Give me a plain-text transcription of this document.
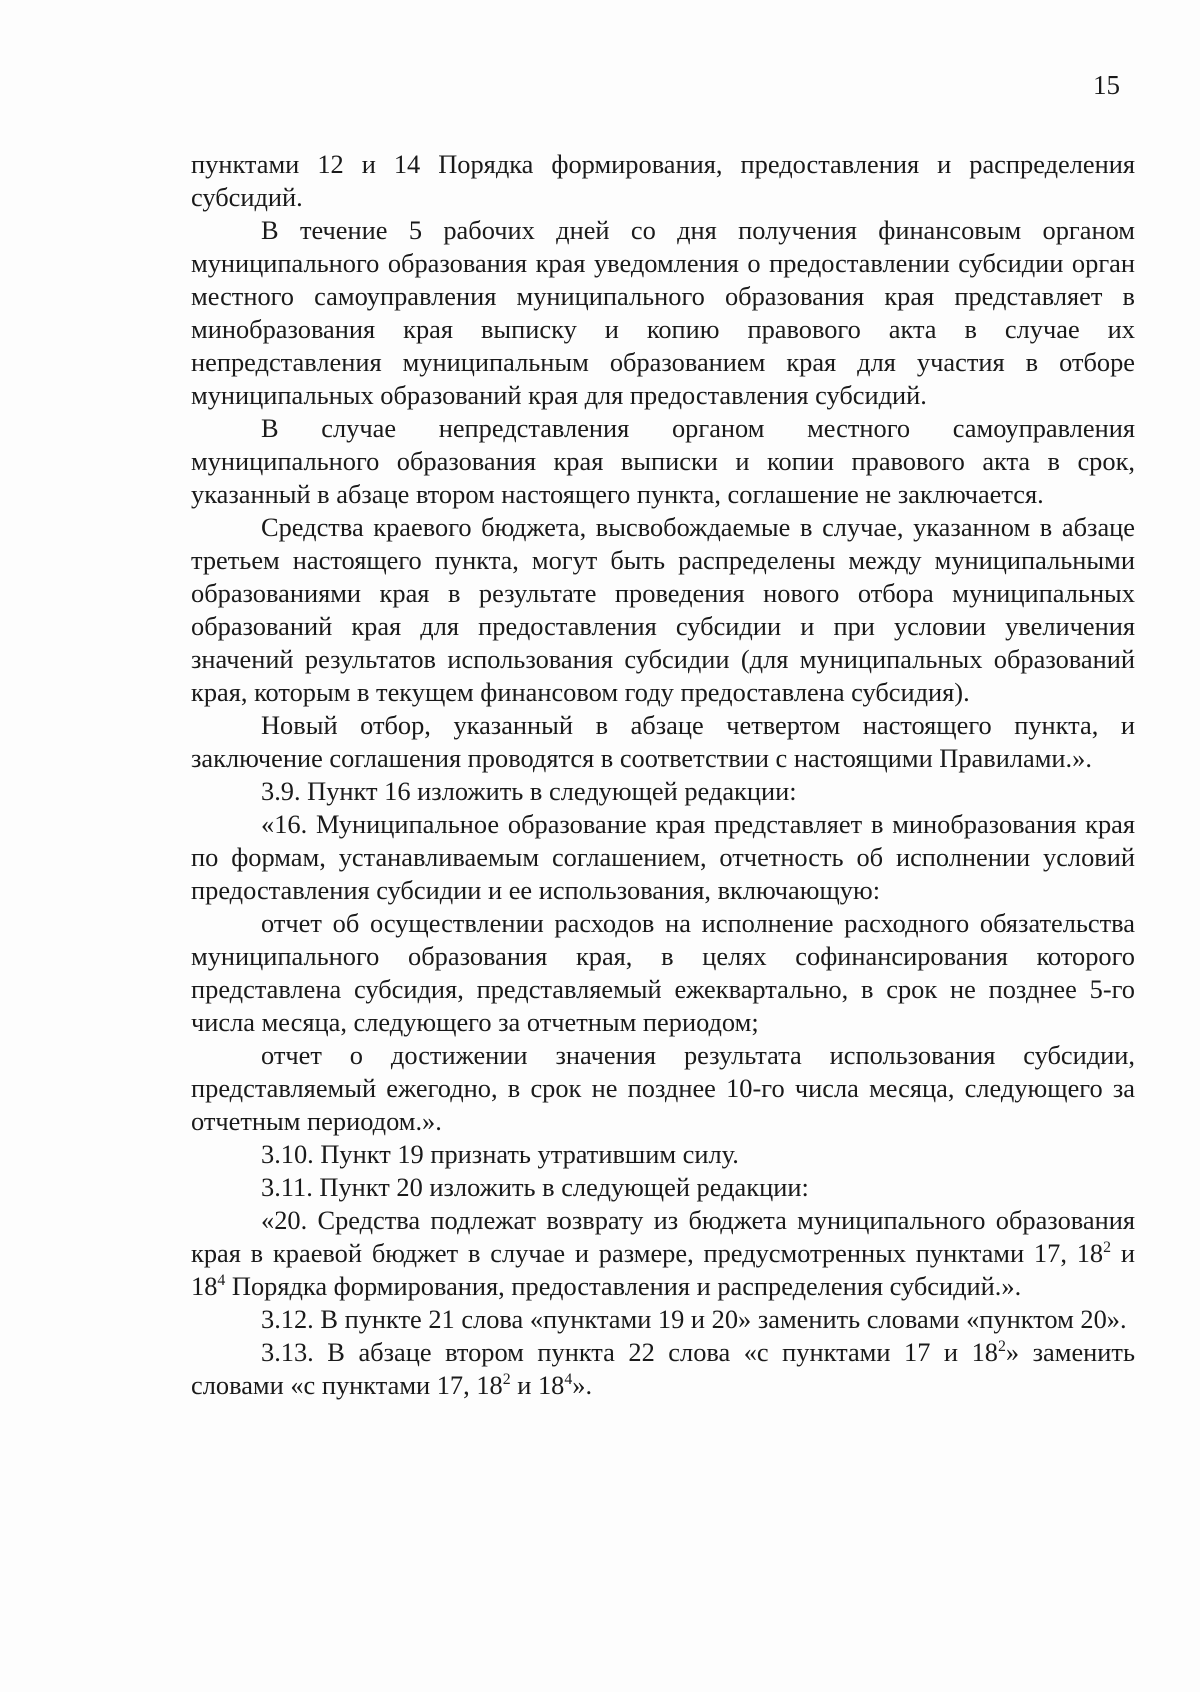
15

пунктами 12 и 14 Порядка формирования, предоставления и распределения субсидий.

В течение 5 рабочих дней со дня получения финансовым органом муниципального образования края уведомления о предоставлении субсидии орган местного самоуправления муниципального образования края представляет в минобразования края выписку и копию правового акта в случае их непредставления муниципальным образованием края для участия в отборе муниципальных образований края для предоставления субсидий.

В случае непредставления органом местного самоуправления муниципального образования края выписки и копии правового акта в срок, указанный в абзаце втором настоящего пункта, соглашение не заключается.

Средства краевого бюджета, высвобождаемые в случае, указанном в абзаце третьем настоящего пункта, могут быть распределены между муниципальными образованиями края в результате проведения нового отбора муниципальных образований края для предоставления субсидии и при условии увеличения значений результатов использования субсидии (для муниципальных образований края, которым в текущем финансовом году предоставлена субсидия).

Новый отбор, указанный в абзаце четвертом настоящего пункта, и заключение соглашения проводятся в соответствии с настоящими Правилами.».

3.9. Пункт 16 изложить в следующей редакции:

«16. Муниципальное образование края представляет в минобразования края по формам, устанавливаемым соглашением, отчетность об исполнении условий предоставления субсидии и ее использования, включающую:

отчет об осуществлении расходов на исполнение расходного обязательства муниципального образования края, в целях софинансирования которого представлена субсидия, представляемый ежеквартально, в срок не позднее 5-го числа месяца, следующего за отчетным периодом;

отчет о достижении значения результата использования субсидии, представляемый ежегодно, в срок не позднее 10-го числа месяца, следующего за отчетным периодом.».

3.10. Пункт 19 признать утратившим силу.

3.11. Пункт 20 изложить в следующей редакции:

«20. Средства подлежат возврату из бюджета муниципального образования края в краевой бюджет в случае и размере, предусмотренных пунктами 17, $18^2$ и $18^4$ Порядка формирования, предоставления и распределения субсидий.».

3.12. В пункте 21 слова «пунктами 19 и 20» заменить словами «пунктом 20».

3.13. В абзаце втором пункта 22 слова «с пунктами 17 и $18^2$» заменить словами «с пунктами 17, $18^2$ и $18^4$».
